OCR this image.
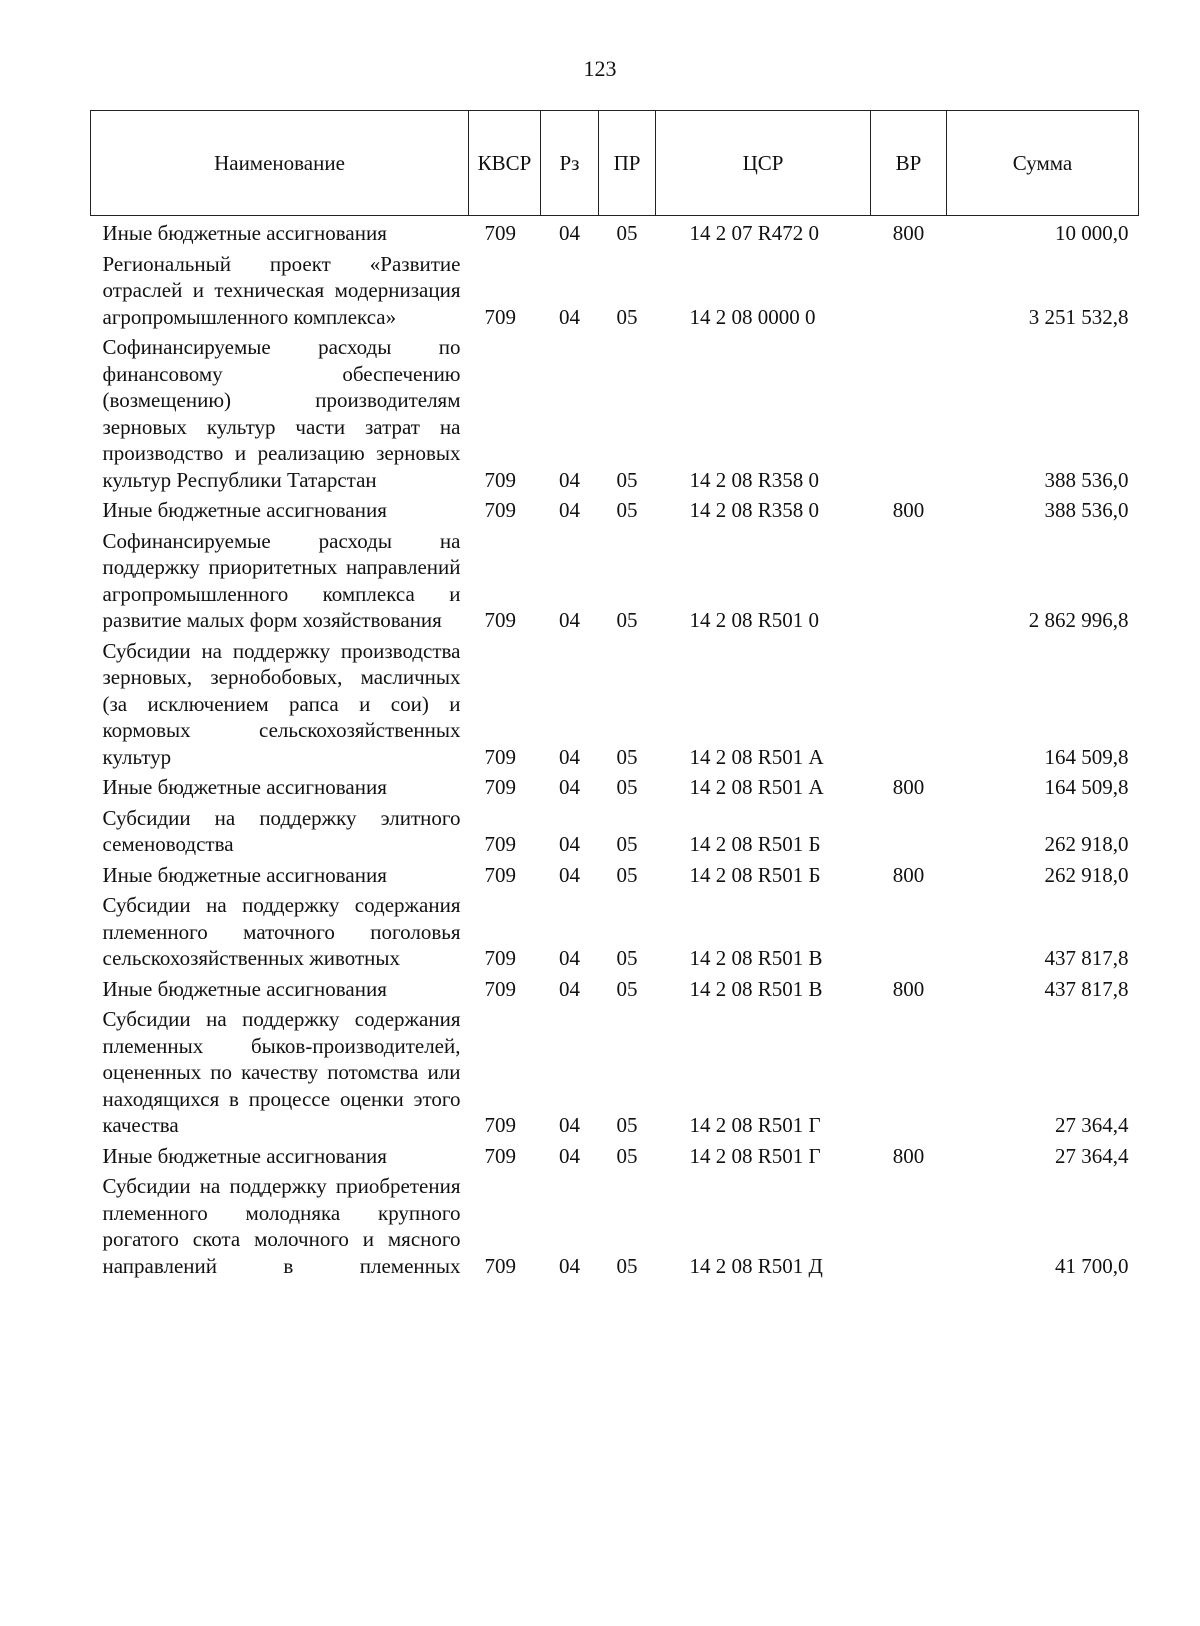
123
Наименование	КВСР	Рз	ПР	ЦСР	ВР	Сумма
Иные бюджетные ассигнования	709	04	05	14 2 07 R472 0	800	10 000,0
Региональный проект «Развитие отраслей и техническая модернизация агропромышленного комплекса»	709	04	05	14 2 08 0000 0		3 251 532,8
Софинансируемые расходы по финансовому обеспечению (возмещению) производителям зерновых культур части затрат на производство и реализацию зерновых культур Республики Татарстан	709	04	05	14 2 08 R358 0		388 536,0
Иные бюджетные ассигнования	709	04	05	14 2 08 R358 0	800	388 536,0
Софинансируемые расходы на поддержку приоритетных направлений агропромышленного комплекса и развитие малых форм хозяйствования	709	04	05	14 2 08 R501 0		2 862 996,8
Субсидии на поддержку производства зерновых, зернобобовых, масличных (за исключением рапса и сои) и кормовых сельскохозяйственных культур	709	04	05	14 2 08 R501 А		164 509,8
Иные бюджетные ассигнования	709	04	05	14 2 08 R501 А	800	164 509,8
Субсидии на поддержку элитного семеноводства	709	04	05	14 2 08 R501 Б		262 918,0
Иные бюджетные ассигнования	709	04	05	14 2 08 R501 Б	800	262 918,0
Субсидии на поддержку содержания племенного маточного поголовья сельскохозяйственных животных	709	04	05	14 2 08 R501 В		437 817,8
Иные бюджетные ассигнования	709	04	05	14 2 08 R501 В	800	437 817,8
Субсидии на поддержку содержания племенных быков-производителей, оцененных по качеству потомства или находящихся в процессе оценки этого качества	709	04	05	14 2 08 R501 Г		27 364,4
Иные бюджетные ассигнования	709	04	05	14 2 08 R501 Г	800	27 364,4
Субсидии на поддержку приобретения племенного молодняка крупного рогатого скота молочного и мясного направлений в племенных	709	04	05	14 2 08 R501 Д		41 700,0
